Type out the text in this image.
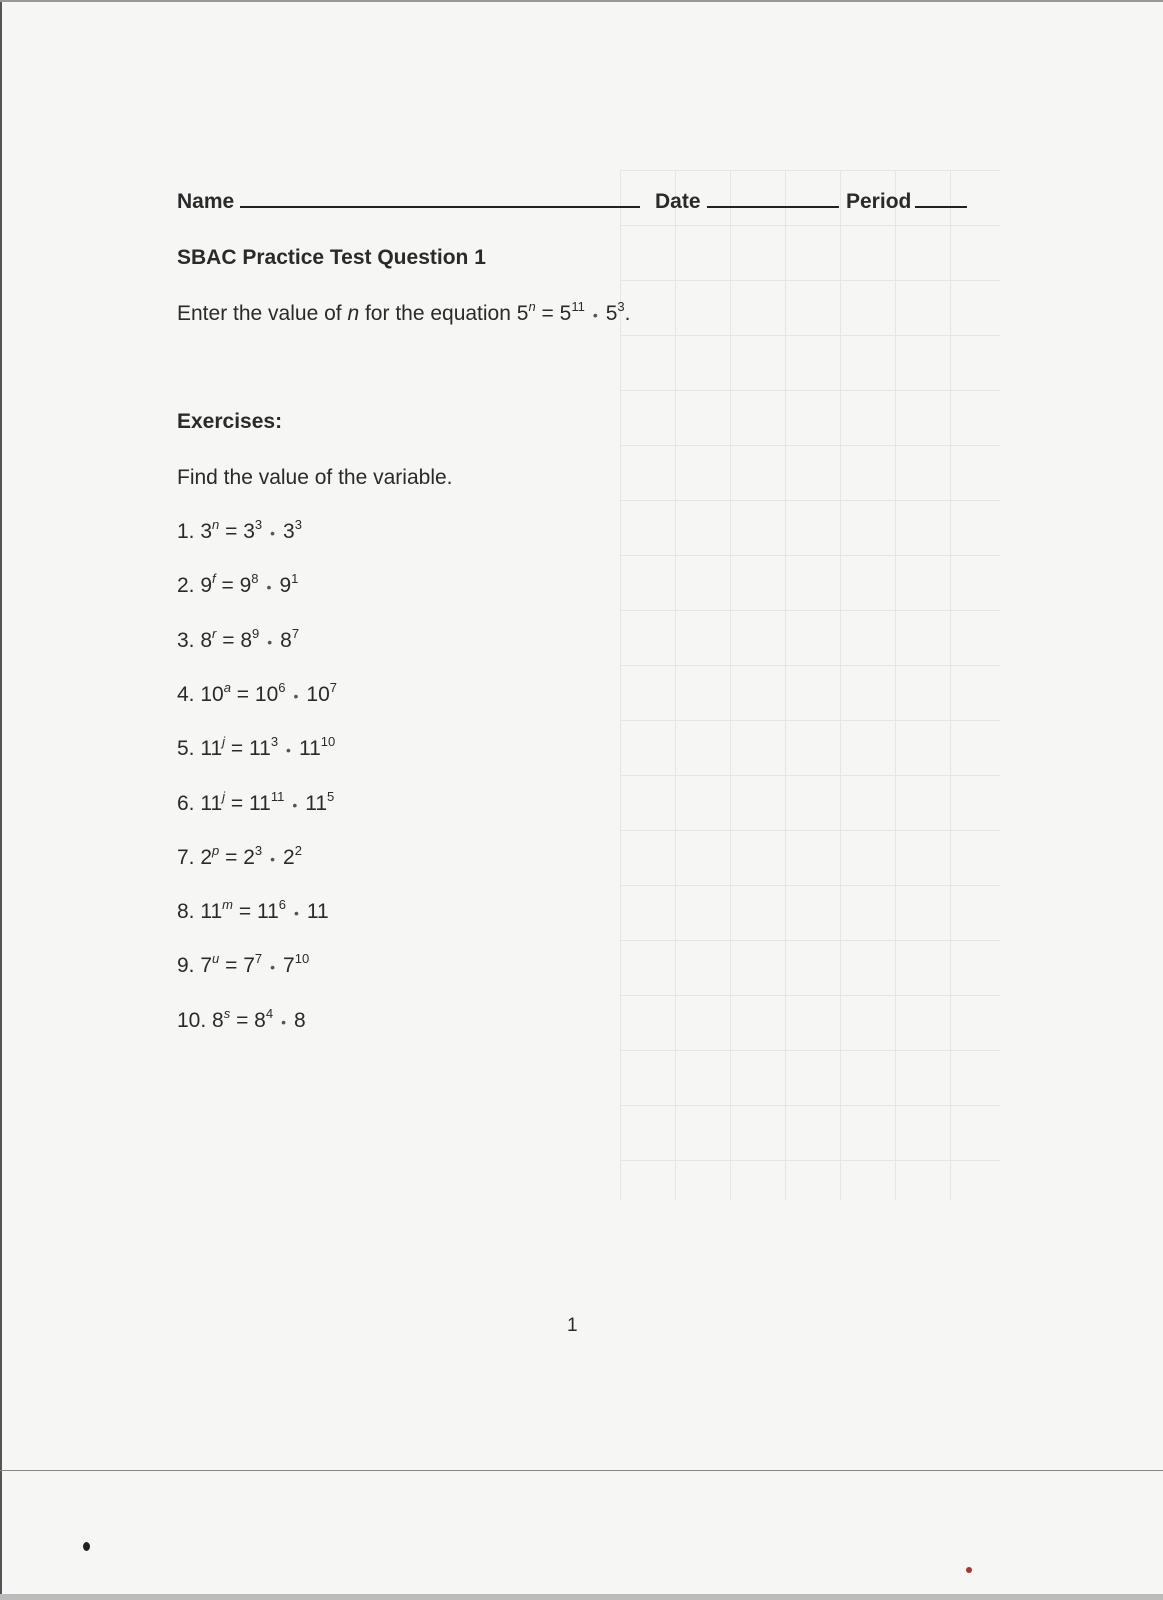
Name	Date	Period
SBAC Practice Test Question 1
Enter the value of n for the equation $5^n$ = $5^{11}•$ $5^3$.
Exercises:
Find the value of the variable.
1. $3^n$ = $3^3•$ $3^3$
2. $9^f$ = $9^8•$ $9^1$
3. $8^r$ = $8^9•$ $8^7$
4. $10^a$ = $10^6•$ $10^7$
5. $11^j$ = $11^3•$ $11^{10}$
6. $11^j$ = $11^{11}•$ $11^5$
7. $2^p$ = $2^3•$ $2^2$
8. $11^m$ = $11^6•$ 11
9. $7^u$ = $7^7•$ $7^{10}$
10. $8^s$ = $8^4•$ 8
1
